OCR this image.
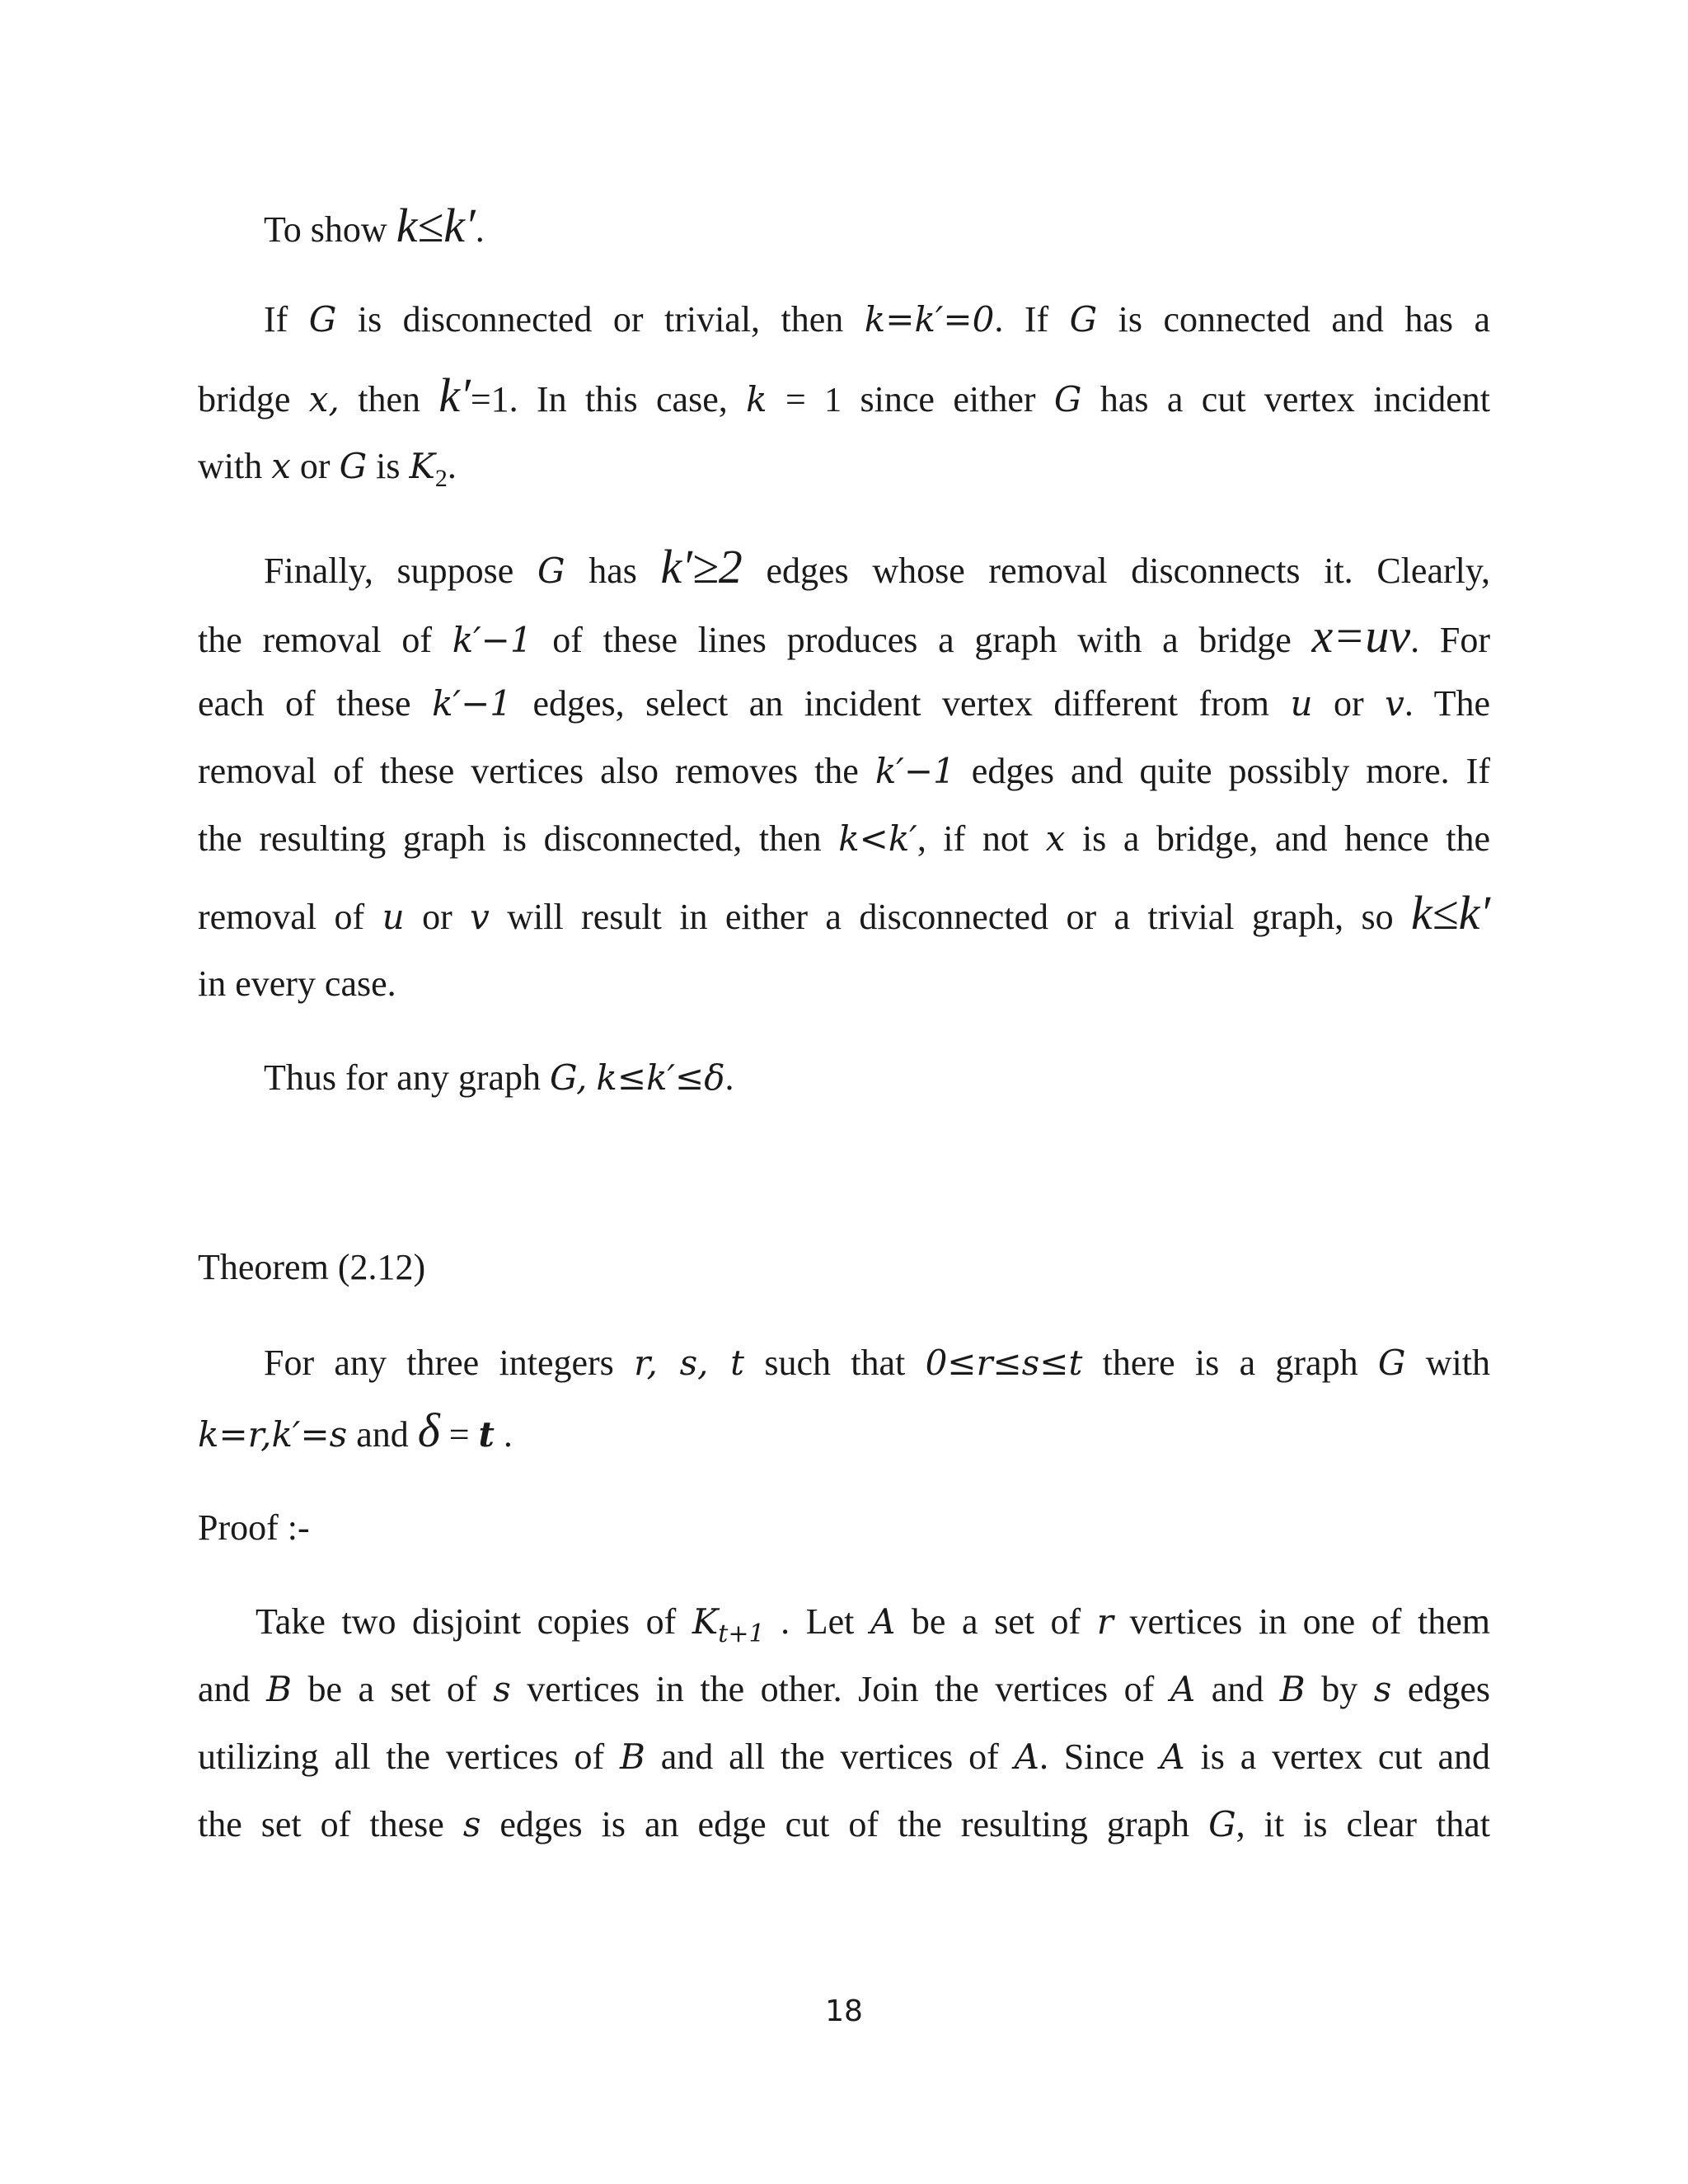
To show k≤k′.
If G is disconnected or trivial, then k=k′=0. If G is connected and has a
bridge x, then k′=1. In this case, k = 1 since either G has a cut vertex incident
with x or G is $K_2$.
Finally, suppose G has k′≥2 edges whose removal disconnects it. Clearly,
the removal of k′−1 of these lines produces a graph with a bridge x=uv. For
each of these k′−1 edges, select an incident vertex different from u or v. The
removal of these vertices also removes the k′−1 edges and quite possibly more. If
the resulting graph is disconnected, then k<k′, if not x is a bridge, and hence the
removal of u or v will result in either a disconnected or a trivial graph, so k≤k′
in every case.
Thus for any graph G, k≤k′≤δ.
Theorem (2.12)
For any three integers r, s, t such that 0≤r≤s≤t there is a graph G with
k=r,k′=s and δ = t .
Proof :-
Take two disjoint copies of $K_{t+1}$ . Let A be a set of r vertices in one of them
and B be a set of s vertices in the other. Join the vertices of A and B by s edges
utilizing all the vertices of B and all the vertices of A. Since A is a vertex cut and
the set of these s edges is an edge cut of the resulting graph G, it is clear that
18
